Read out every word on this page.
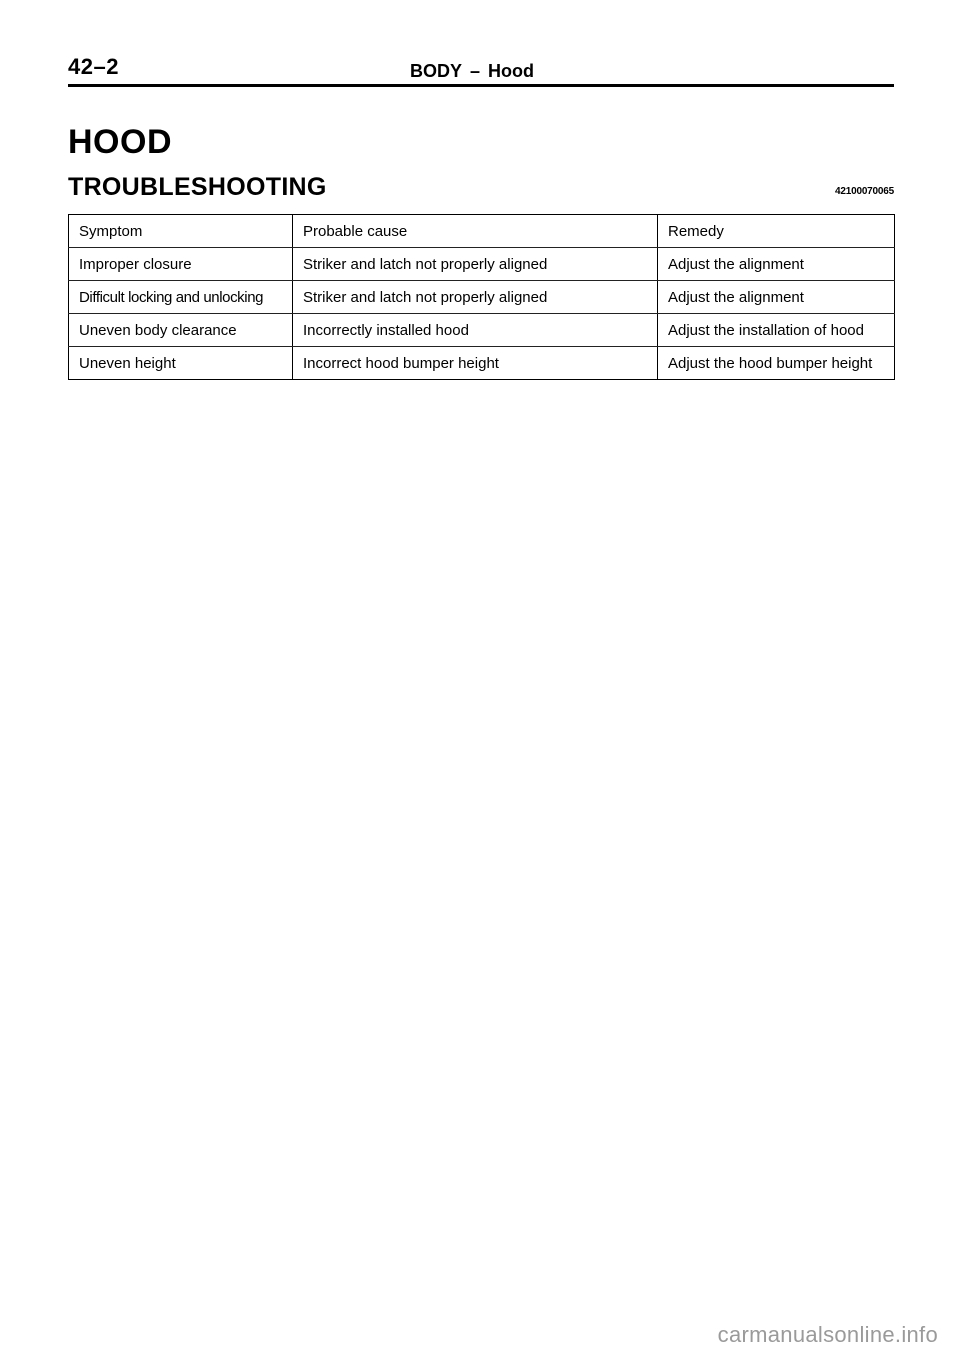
42–2	BODY – Hood
HOOD
TROUBLESHOOTING	42100070065
Symptom	Probable cause	Remedy
Improper closure	Striker and latch not properly aligned	Adjust the alignment
Difficult locking and unlocking	Striker and latch not properly aligned	Adjust the alignment
Uneven body clearance	Incorrectly installed hood	Adjust the installation of hood
Uneven height	Incorrect hood bumper height	Adjust the hood bumper height
carmanualsonline.info
